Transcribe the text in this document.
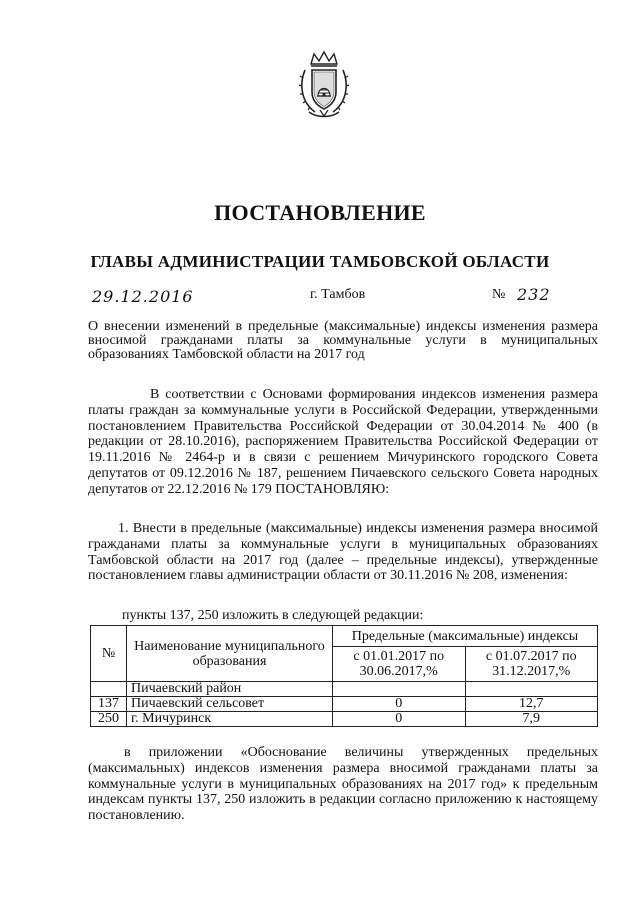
ПОСТАНОВЛЕНИЕ
ГЛАВЫ АДМИНИСТРАЦИИ ТАМБОВСКОЙ ОБЛАСТИ
29.12.2016	г. Тамбов	№ 232

О внесении изменений в предельные (максимальные) индексы изменения размера вносимой гражданами платы за коммунальные услуги в муниципальных образованиях Тамбовской области на 2017 год

В соответствии с Основами формирования индексов изменения размера платы граждан за коммунальные услуги в Российской Федерации, утвержденными постановлением Правительства Российской Федерации от 30.04.2014 № 400 (в редакции от 28.10.2016), распоряжением Правительства Российской Федерации от 19.11.2016 № 2464-р и в связи с решением Мичуринского городского Совета депутатов от 09.12.2016 № 187, решением Пичаевского сельского Совета народных депутатов от 22.12.2016 № 179 ПОСТАНОВЛЯЮ:

1. Внести в предельные (максимальные) индексы изменения размера вносимой гражданами платы за коммунальные услуги в муниципальных образованиях Тамбовской области на 2017 год (далее – предельные индексы), утвержденные постановлением главы администрации области от 30.11.2016 № 208, изменения:

пункты 137, 250 изложить в следующей редакции:

№	Наименование муниципального образования	Предельные (максимальные) индексы	
		с 01.01.2017 по 30.06.2017,%	с 01.07.2017 по 31.12.2017,%
	Пичаевский район		
137	Пичаевский сельсовет	0	12,7
250	г. Мичуринск	0	7,9

в приложении «Обоснование величины утвержденных предельных (максимальных) индексов изменения размера вносимой гражданами платы за коммунальные услуги в муниципальных образованиях на 2017 год» к предельным индексам пункты 137, 250 изложить в редакции согласно приложению к настоящему постановлению.
